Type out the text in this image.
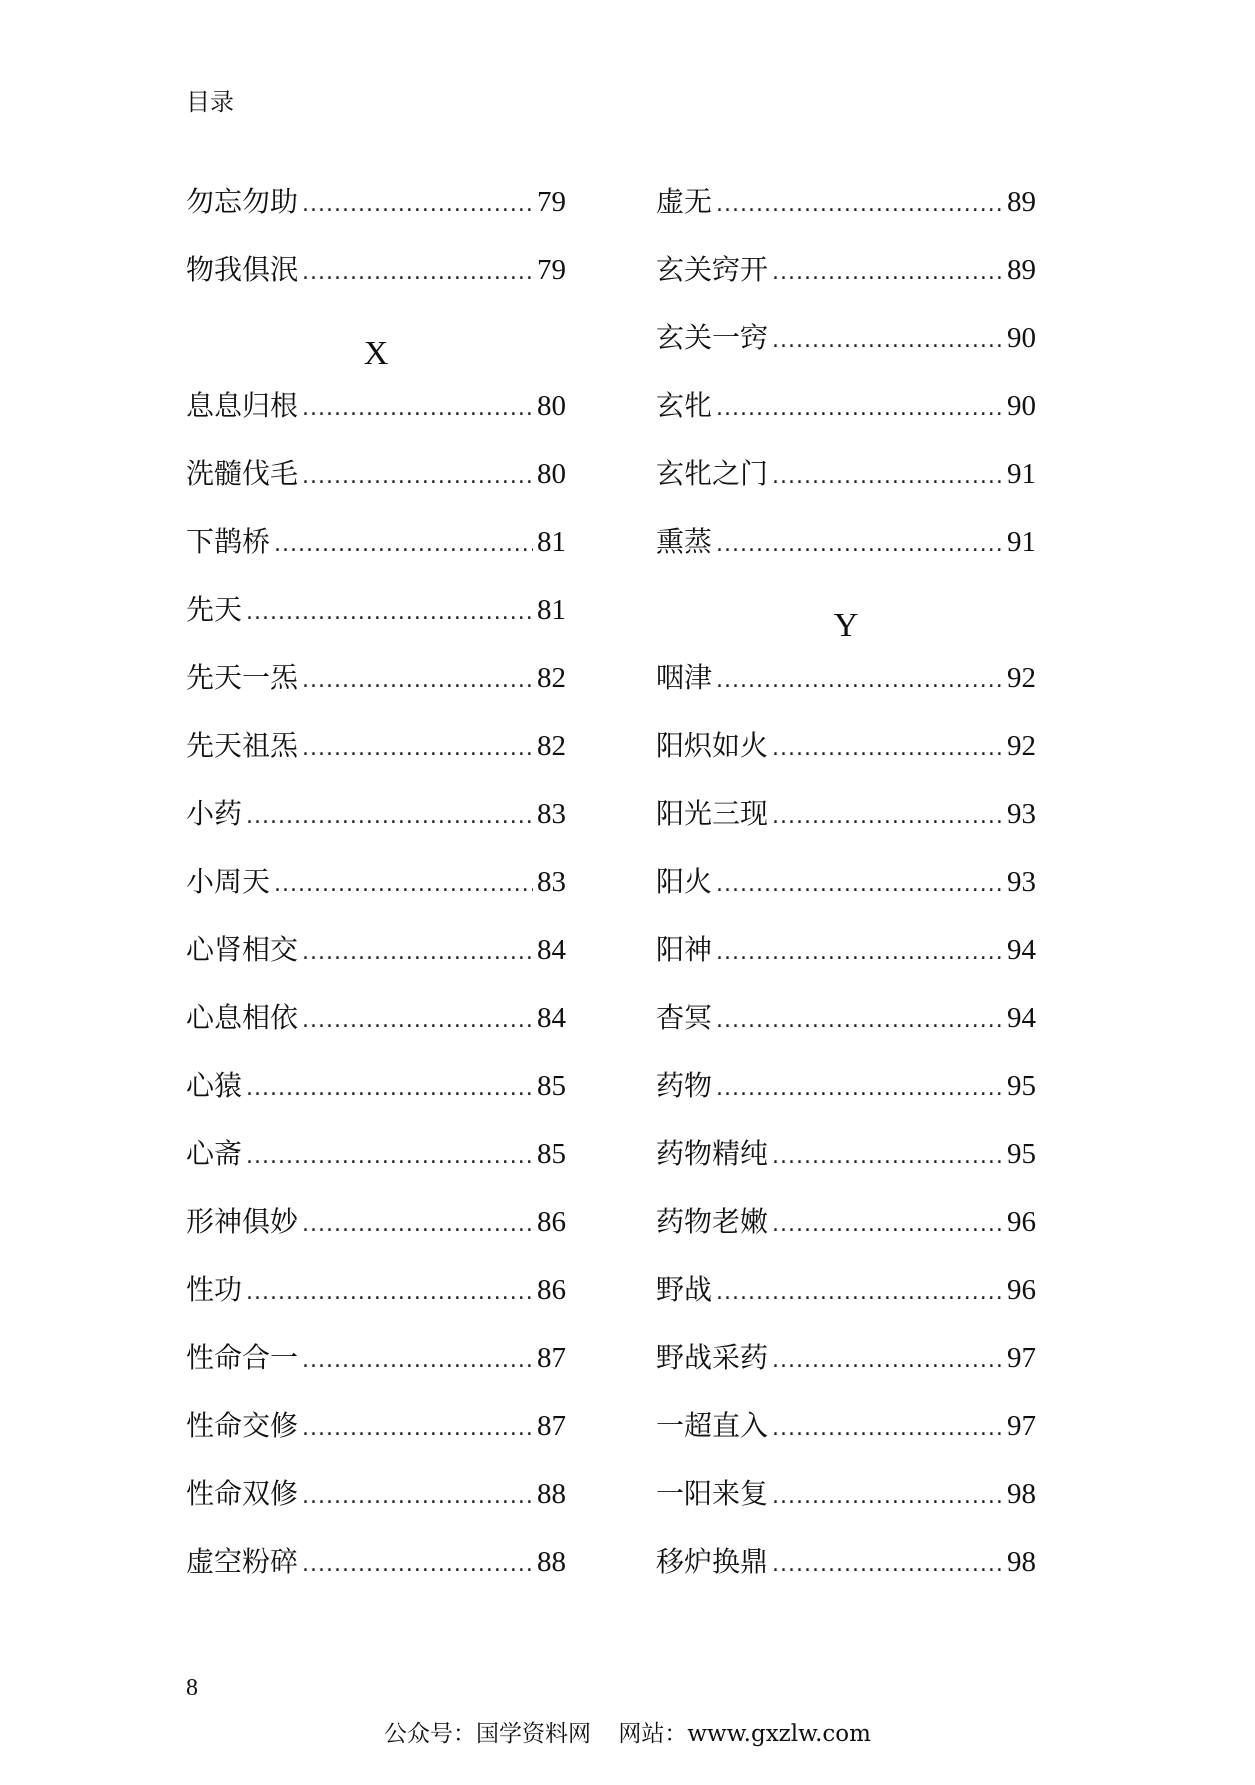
目录
勿忘勿助 .....	79
物我俱泯 .....	79
X
息息归根 .....	80
洗髓伐毛 .....	80
下鹊桥 .....	81
先天 .....	81
先天一炁 .....	82
先天祖炁 .....	82
小药 .....	83
小周天 .....	83
心肾相交 .....	84
心息相依 .....	84
心猿 .....	85
心斋 .....	85
形神俱妙 .....	86
性功 .....	86
性命合一 .....	87
性命交修 .....	87
性命双修 .....	88
虚空粉碎 .....	88
虚无 .....	89
玄关窍开 .....	89
玄关一窍 .....	90
玄牝 .....	90
玄牝之门 .....	91
熏蒸 .....	91
Y
咽津 .....	92
阳炽如火 .....	92
阳光三现 .....	93
阳火 .....	93
阳神 .....	94
杳冥 .....	94
药物 .....	95
药物精纯 .....	95
药物老嫩 .....	96
野战 .....	96
野战采药 .....	97
一超直入 .....	97
一阳来复 .....	98
移炉换鼎 .....	98
8
公众号：国学资料网 网站：www.gxzlw.com
